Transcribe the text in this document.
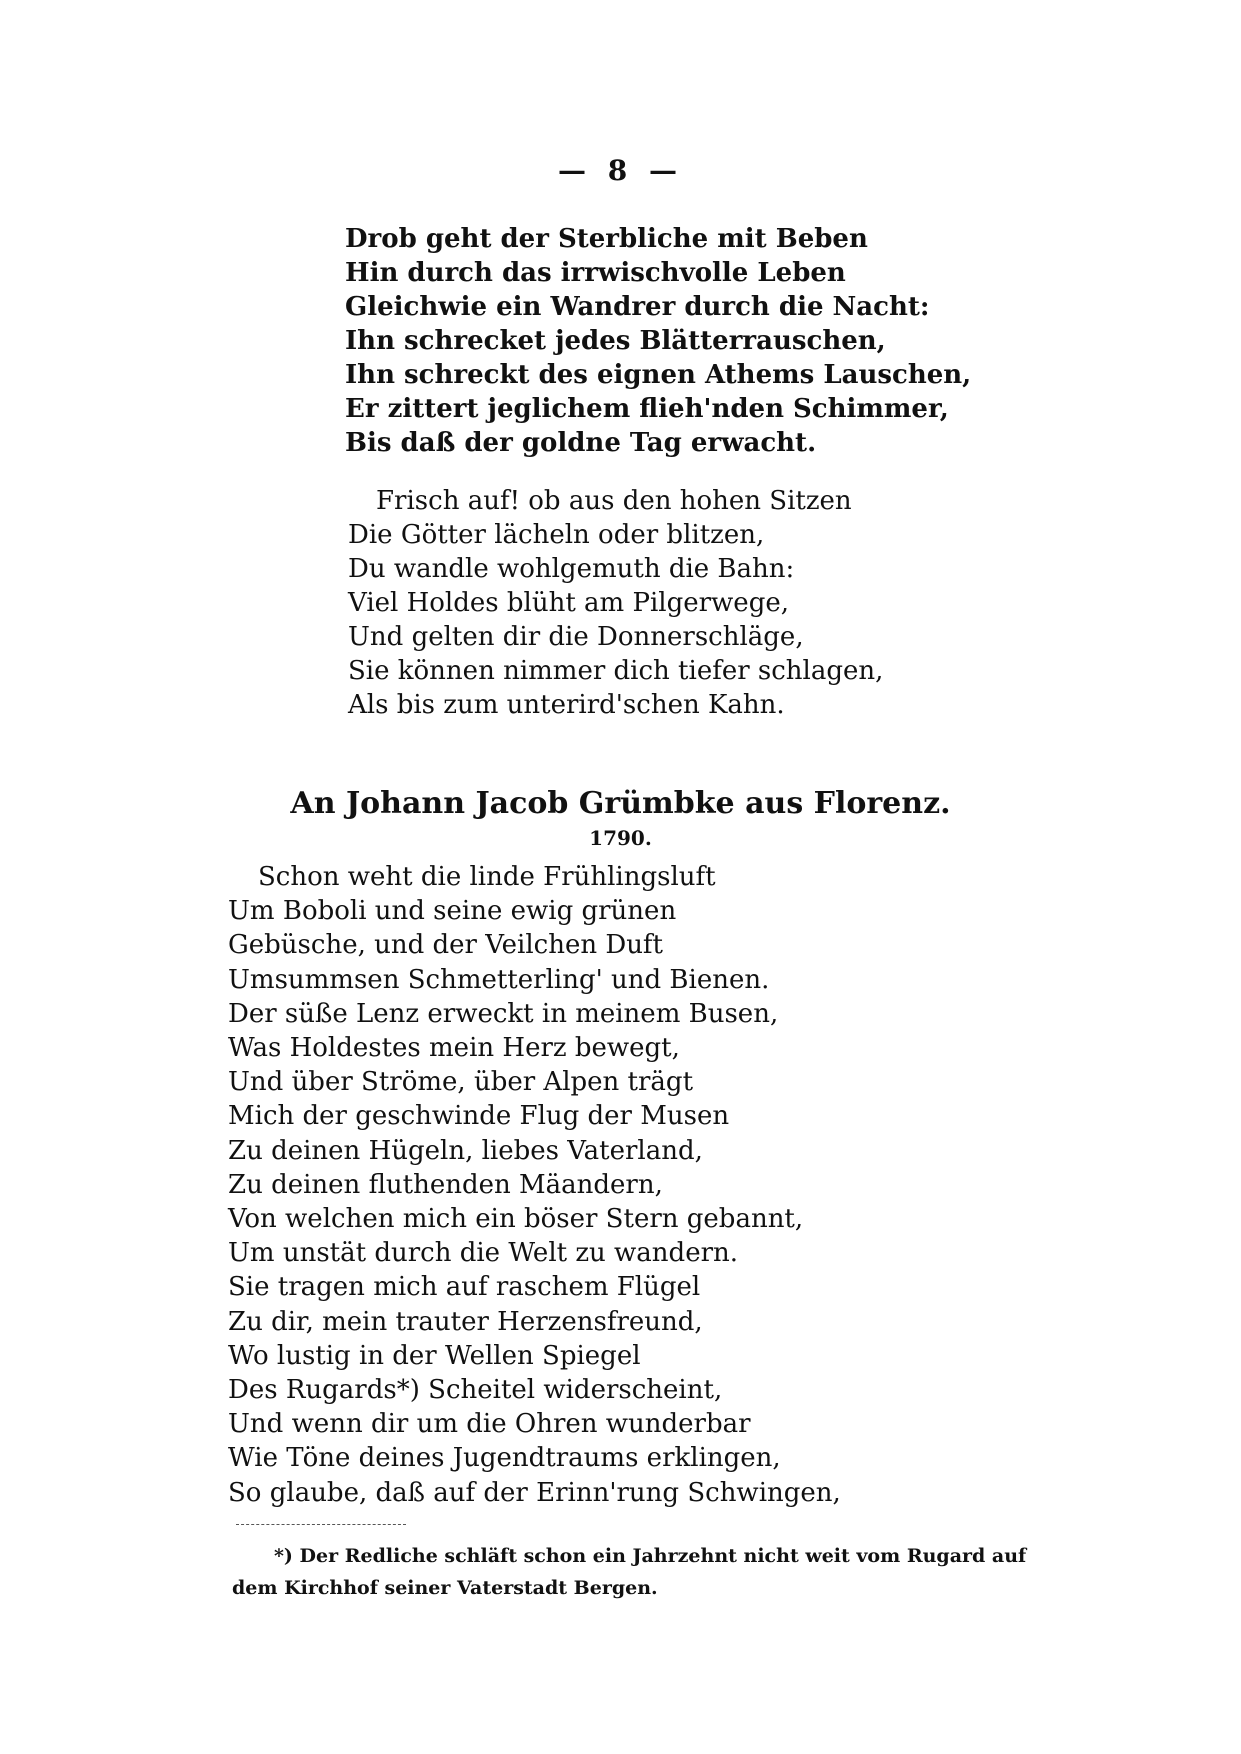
— 8 —
Drob geht der Sterbliche mit Beben
Hin durch das irrwischvolle Leben
Gleichwie ein Wandrer durch die Nacht:
Ihn schrecket jedes Blätterrauschen,
Ihn schreckt des eignen Athems Lauschen,
Er zittert jeglichem flieh'nden Schimmer,
Bis daß der goldne Tag erwacht.
Frisch auf! ob aus den hohen Sitzen
Die Götter lächeln oder blitzen,
Du wandle wohlgemuth die Bahn:
Viel Holdes blüht am Pilgerwege,
Und gelten dir die Donnerschläge,
Sie können nimmer dich tiefer schlagen,
Als bis zum unterird'schen Kahn.
An Johann Jacob Grümbke aus Florenz.
1790.
Schon weht die linde Frühlingsluft
Um Boboli und seine ewig grünen
Gebüsche, und der Veilchen Duft
Umsummsen Schmetterling' und Bienen.
Der süße Lenz erweckt in meinem Busen,
Was Holdestes mein Herz bewegt,
Und über Ströme, über Alpen trägt
Mich der geschwinde Flug der Musen
Zu deinen Hügeln, liebes Vaterland,
Zu deinen fluthenden Mäandern,
Von welchen mich ein böser Stern gebannt,
Um unstät durch die Welt zu wandern.
Sie tragen mich auf raschem Flügel
Zu dir, mein trauter Herzensfreund,
Wo lustig in der Wellen Spiegel
Des Rugards*) Scheitel widerscheint,
Und wenn dir um die Ohren wunderbar
Wie Töne deines Jugendtraums erklingen,
So glaube, daß auf der Erinn'rung Schwingen,
*) Der Redliche schläft schon ein Jahrzehnt nicht weit vom Rugard auf
dem Kirchhof seiner Vaterstadt Bergen.
